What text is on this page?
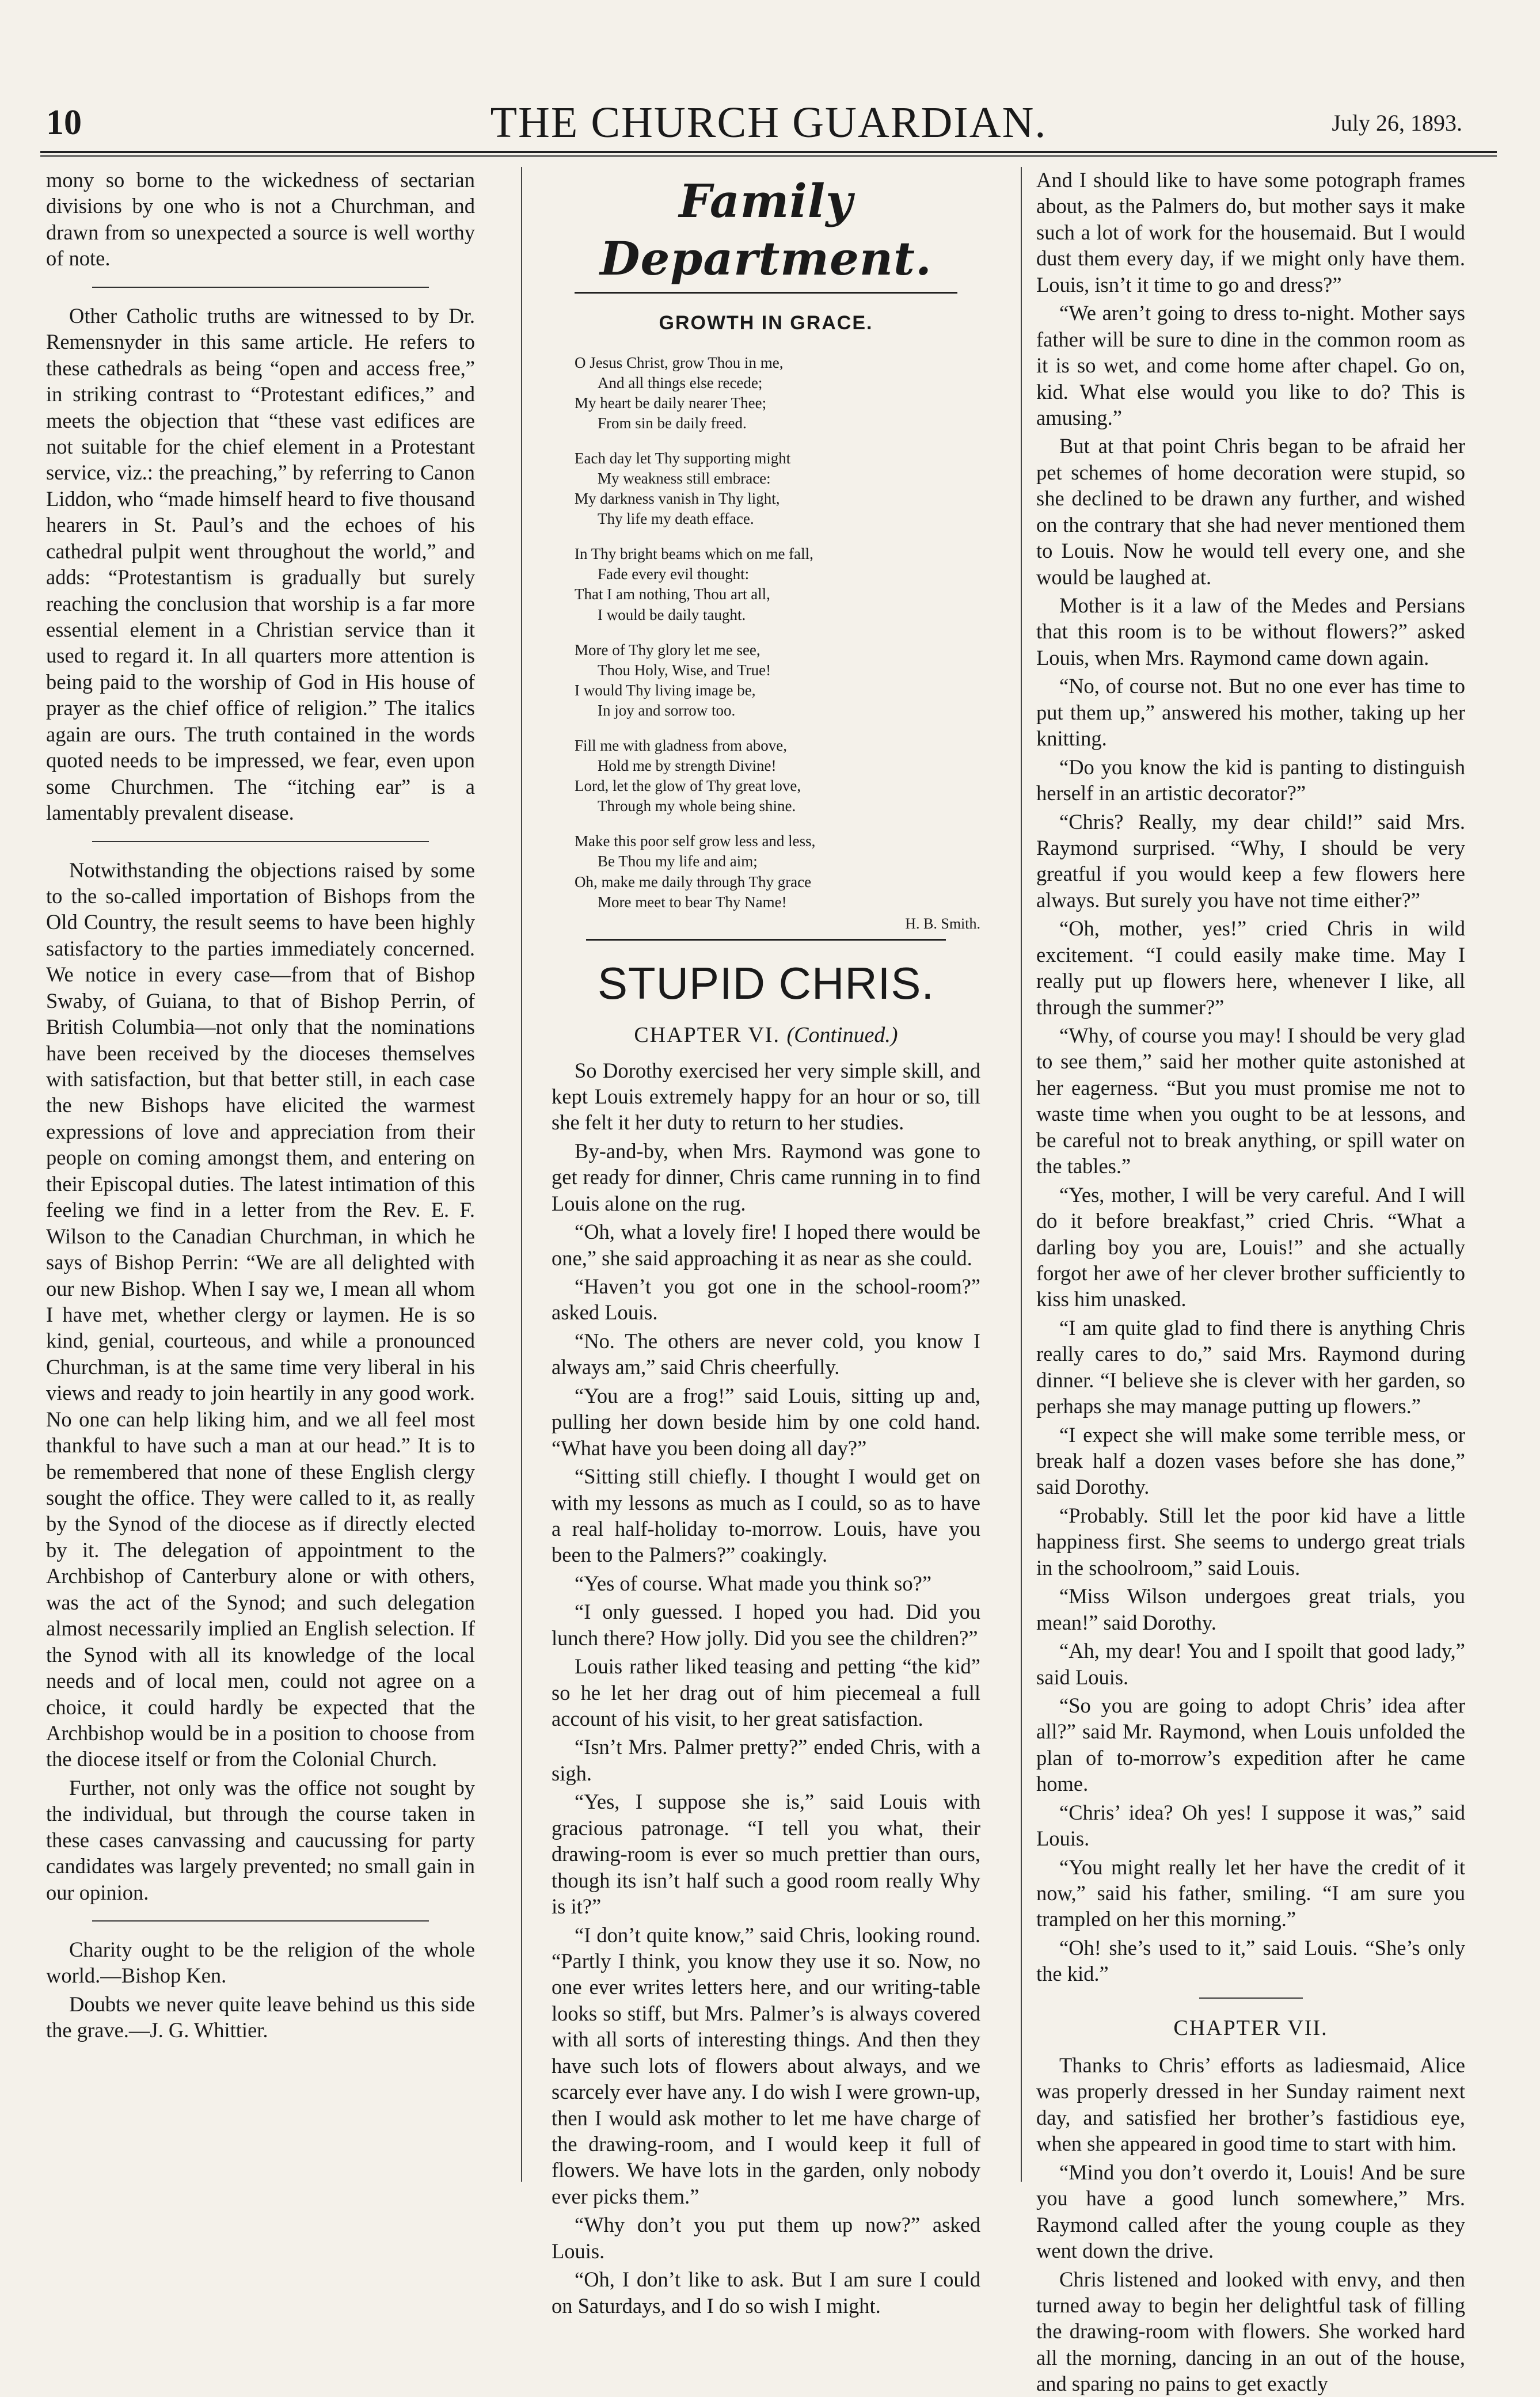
10	THE CHURCH GUARDIAN.	July 26, 1893.

mony so borne to the wickedness of sectarian divisions by one who is not a Churchman, and drawn from so unexpected a source is well worthy of note.

Other Catholic truths are witnessed to by Dr. Remensnyder in this same article. He refers to these cathedrals as being “open and access free,” in striking contrast to “Protestant edifices,” and meets the objection that “these vast edifices are not suitable for the chief element in a Protestant service, viz.: the preaching,” by referring to Canon Liddon, who “made himself heard to five thousand hearers in St. Paul’s and the echoes of his cathedral pulpit went throughout the world,” and adds: “Protestantism is gradually but surely reaching the conclusion that worship is a far more essential element in a Christian service than it used to regard it. In all quarters more attention is being paid to the worship of God in His house of prayer as the chief office of religion.” The italics again are ours. The truth contained in the words quoted needs to be impressed, we fear, even upon some Churchmen. The “itching ear” is a lamentably prevalent disease.

Notwithstanding the objections raised by some to the so-called importation of Bishops from the Old Country, the result seems to have been highly satisfactory to the parties immediately concerned. We notice in every case—from that of Bishop Swaby, of Guiana, to that of Bishop Perrin, of British Columbia—not only that the nominations have been received by the dioceses themselves with satisfaction, but that better still, in each case the new Bishops have elicited the warmest expressions of love and appreciation from their people on coming amongst them, and entering on their Episcopal duties. The latest intimation of this feeling we find in a letter from the Rev. E. F. Wilson to the Canadian Churchman, in which he says of Bishop Perrin: “We are all delighted with our new Bishop. When I say we, I mean all whom I have met, whether clergy or laymen. He is so kind, genial, courteous, and while a pronounced Churchman, is at the same time very liberal in his views and ready to join heartily in any good work. No one can help liking him, and we all feel most thankful to have such a man at our head.” It is to be remembered that none of these English clergy sought the office. They were called to it, as really by the Synod of the diocese as if directly elected by it. The delegation of appointment to the Archbishop of Canterbury alone or with others, was the act of the Synod; and such delegation almost necessarily implied an English selection. If the Synod with all its knowledge of the local needs and of local men, could not agree on a choice, it could hardly be expected that the Archbishop would be in a position to choose from the diocese itself or from the Colonial Church.

Further, not only was the office not sought by the individual, but through the course taken in these cases canvassing and caucussing for party candidates was largely prevented; no small gain in our opinion.

Charity ought to be the religion of the whole world.—Bishop Ken.

Doubts we never quite leave behind us this side the grave.—J. G. Whittier.

Family Department.
GROWTH IN GRACE.
O Jesus Christ, grow Thou in me,
And all things else recede;
My heart be daily nearer Thee;
From sin be daily freed.
Each day let Thy supporting might
My weakness still embrace:
My darkness vanish in Thy light,
Thy life my death efface.
In Thy bright beams which on me fall,
Fade every evil thought:
That I am nothing, Thou art all,
I would be daily taught.
More of Thy glory let me see,
Thou Holy, Wise, and True!
I would Thy living image be,
In joy and sorrow too.
Fill me with gladness from above,
Hold me by strength Divine!
Lord, let the glow of Thy great love,
Through my whole being shine.
Make this poor self grow less and less,
Be Thou my life and aim;
Oh, make me daily through Thy grace
More meet to bear Thy Name!
H. B. Smith.
STUPID CHRIS.
CHAPTER VI. (Continued.)

So Dorothy exercised her very simple skill, and kept Louis extremely happy for an hour or so, till she felt it her duty to return to her studies.

By-and-by, when Mrs. Raymond was gone to get ready for dinner, Chris came running in to find Louis alone on the rug.

“Oh, what a lovely fire! I hoped there would be one,” she said approaching it as near as she could.

“Haven’t you got one in the school-room?” asked Louis.

“No. The others are never cold, you know I always am,” said Chris cheerfully.

“You are a frog!” said Louis, sitting up and, pulling her down beside him by one cold hand. “What have you been doing all day?”

“Sitting still chiefly. I thought I would get on with my lessons as much as I could, so as to have a real half-holiday to-morrow. Louis, have you been to the Palmers?” coakingly.

“Yes of course. What made you think so?”

“I only guessed. I hoped you had. Did you lunch there? How jolly. Did you see the children?”

Louis rather liked teasing and petting “the kid” so he let her drag out of him piecemeal a full account of his visit, to her great satisfaction.

“Isn’t Mrs. Palmer pretty?” ended Chris, with a sigh.

“Yes, I suppose she is,” said Louis with gracious patronage. “I tell you what, their drawing-room is ever so much prettier than ours, though its isn’t half such a good room really Why is it?”

“I don’t quite know,” said Chris, looking round. “Partly I think, you know they use it so. Now, no one ever writes letters here, and our writing-table looks so stiff, but Mrs. Palmer’s is always covered with all sorts of interesting things. And then they have such lots of flowers about always, and we scarcely ever have any. I do wish I were grown-up, then I would ask mother to let me have charge of the drawing-room, and I would keep it full of flowers. We have lots in the garden, only nobody ever picks them.”

“Why don’t you put them up now?” asked Louis.

“Oh, I don’t like to ask. But I am sure I could on Saturdays, and I do so wish I might.

And I should like to have some potograph frames about, as the Palmers do, but mother says it make such a lot of work for the housemaid. But I would dust them every day, if we might only have them. Louis, isn’t it time to go and dress?”

“We aren’t going to dress to-night. Mother says father will be sure to dine in the common room as it is so wet, and come home after chapel. Go on, kid. What else would you like to do? This is amusing.”

But at that point Chris began to be afraid her pet schemes of home decoration were stupid, so she declined to be drawn any further, and wished on the contrary that she had never mentioned them to Louis. Now he would tell every one, and she would be laughed at.

Mother is it a law of the Medes and Persians that this room is to be without flowers?” asked Louis, when Mrs. Raymond came down again.

“No, of course not. But no one ever has time to put them up,” answered his mother, taking up her knitting.

“Do you know the kid is panting to distinguish herself in an artistic decorator?”

“Chris? Really, my dear child!” said Mrs. Raymond surprised. “Why, I should be very greatful if you would keep a few flowers here always. But surely you have not time either?”

“Oh, mother, yes!” cried Chris in wild excitement. “I could easily make time. May I really put up flowers here, whenever I like, all through the summer?”

“Why, of course you may! I should be very glad to see them,” said her mother quite astonished at her eagerness. “But you must promise me not to waste time when you ought to be at lessons, and be careful not to break anything, or spill water on the tables.”

“Yes, mother, I will be very careful. And I will do it before breakfast,” cried Chris. “What a darling boy you are, Louis!” and she actually forgot her awe of her clever brother sufficiently to kiss him unasked.

“I am quite glad to find there is anything Chris really cares to do,” said Mrs. Raymond during dinner. “I believe she is clever with her garden, so perhaps she may manage putting up flowers.”

“I expect she will make some terrible mess, or break half a dozen vases before she has done,” said Dorothy.

“Probably. Still let the poor kid have a little happiness first. She seems to undergo great trials in the schoolroom,” said Louis.

“Miss Wilson undergoes great trials, you mean!” said Dorothy.

“Ah, my dear! You and I spoilt that good lady,” said Louis.

“So you are going to adopt Chris’ idea after all?” said Mr. Raymond, when Louis unfolded the plan of to-morrow’s expedition after he came home.

“Chris’ idea? Oh yes! I suppose it was,” said Louis.

“You might really let her have the credit of it now,” said his father, smiling. “I am sure you trampled on her this morning.”

“Oh! she’s used to it,” said Louis. “She’s only the kid.”

CHAPTER VII.

Thanks to Chris’ efforts as ladiesmaid, Alice was properly dressed in her Sunday raiment next day, and satisfied her brother’s fastidious eye, when she appeared in good time to start with him.

“Mind you don’t overdo it, Louis! And be sure you have a good lunch somewhere,” Mrs. Raymond called after the young couple as they went down the drive.

Chris listened and looked with envy, and then turned away to begin her delightful task of filling the drawing-room with flowers. She worked hard all the morning, dancing in an out of the house, and sparing no pains to get exactly
